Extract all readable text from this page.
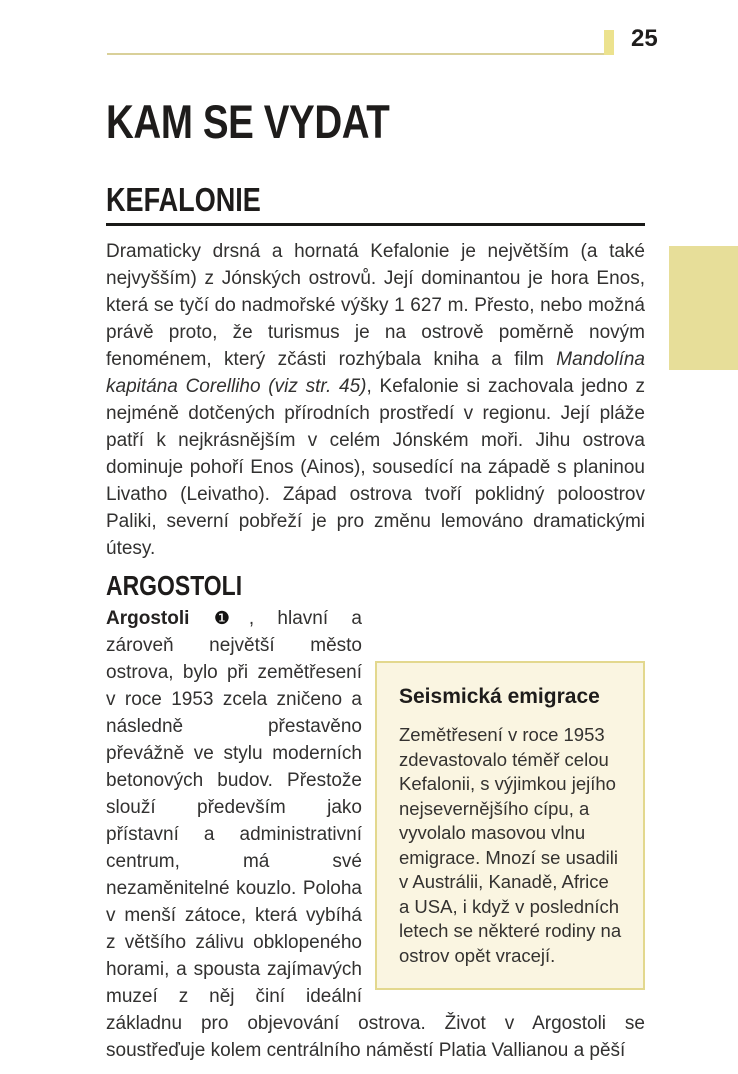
25
KAM SE VYDAT
KEFALONIE

Dramaticky drsná a hornatá Kefalonie je největším (a také nejvyšším) z Jónských ostrovů. Její dominantou je hora Enos, která se tyčí do nadmořské výšky 1 627 m. Přesto, nebo možná právě proto, že turismus je na ostrově poměrně novým fenoménem, který zčásti rozhýbala kniha a film Mandolína kapitána Corelliho (viz str. 45), Kefalonie si zachovala jedno z nejméně dotčených přírodních prostředí v regionu. Její pláže patří k nejkrásnějším v celém Jónském moři. Jihu ostrova dominuje pohoří Enos (Ainos), sousedící na západě s planinou Livatho (Leivatho). Západ ostrova tvoří poklidný poloostrov Paliki, severní pobřeží je pro změnu lemováno dramatickými útesy.

ARGOSTOLI
Seismická emigrace
Zemětřesení v roce 1953 zdevastovalo téměř celou Kefalonii, s výjimkou jejího nejsevernějšího cípu, a vyvolalo masovou vlnu emigrace. Mnozí se usadili v Austrálii, Kanadě, Africe a USA, i když v posledních letech se některé rodiny na ostrov opět vracejí.

Argostoli ❶, hlavní a zároveň největší město ostrova, bylo při zemětřesení v roce 1953 zcela zničeno a následně přestavěno převážně ve stylu moderních betonových budov. Přestože slouží především jako přístavní a administrativní centrum, má své nezaměnitelné kouzlo. Poloha v menší zátoce, která vybíhá z většího zálivu obklopeného horami, a spousta zajímavých muzeí z něj činí ideální základnu pro objevování ostrova. Život v Argostoli se soustřeďuje kolem centrálního náměstí Platia Vallianou a pěší
